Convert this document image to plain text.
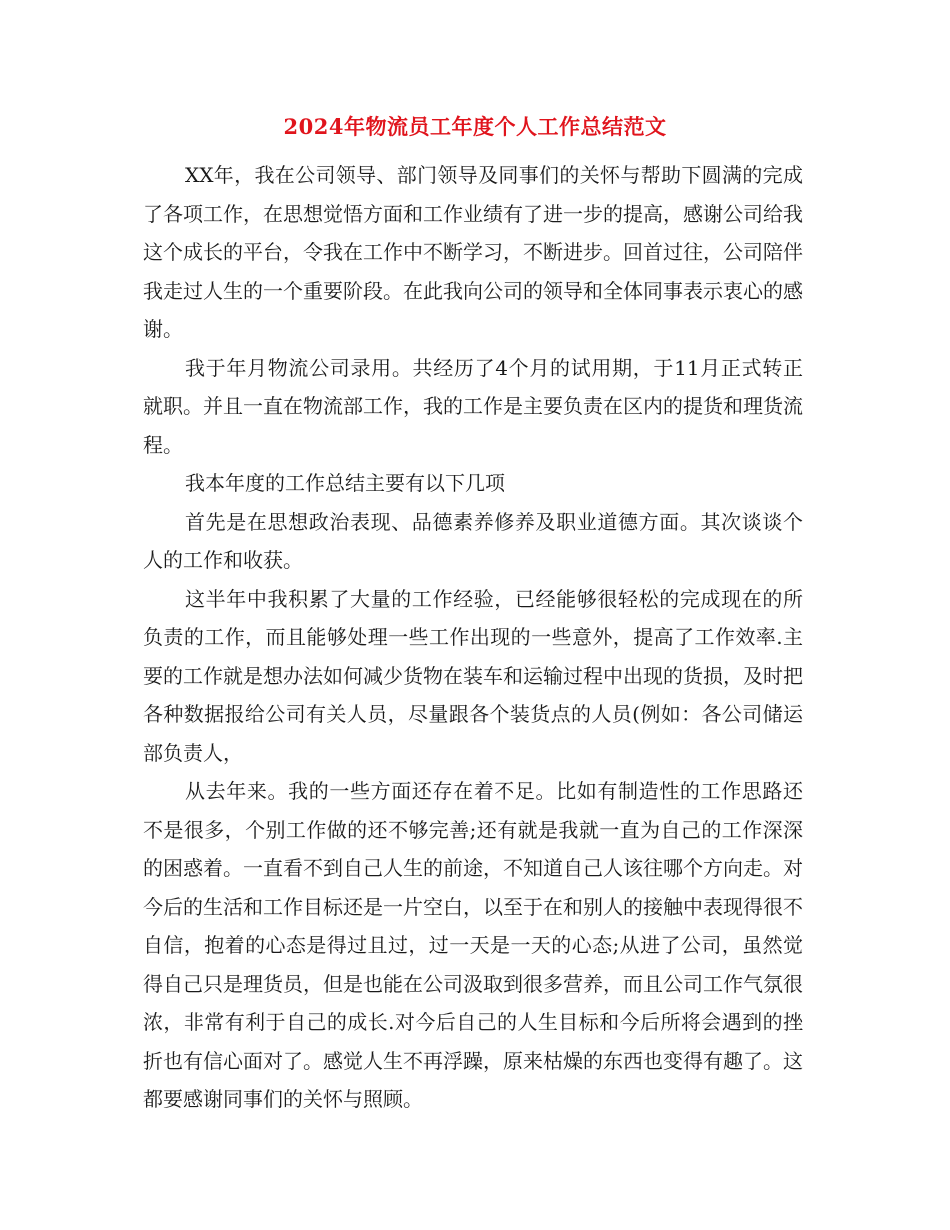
2024年物流员工年度个人工作总结范文

XX年，我在公司领导、部门领导及同事们的关怀与帮助下圆满的完成了各项工作，在思想觉悟方面和工作业绩有了进一步的提高，感谢公司给我这个成长的平台，令我在工作中不断学习，不断进步。回首过往，公司陪伴我走过人生的一个重要阶段。在此我向公司的领导和全体同事表示衷心的感谢。

我于年月物流公司录用。共经历了4个月的试用期，于11月正式转正就职。并且一直在物流部工作，我的工作是主要负责在区内的提货和理货流程。

我本年度的工作总结主要有以下几项

首先是在思想政治表现、品德素养修养及职业道德方面。其次谈谈个人的工作和收获。

这半年中我积累了大量的工作经验，已经能够很轻松的完成现在的所负责的工作，而且能够处理一些工作出现的一些意外，提高了工作效率.主要的工作就是想办法如何减少货物在装车和运输过程中出现的货损，及时把各种数据报给公司有关人员，尽量跟各个装货点的人员(例如：各公司储运部负责人，

从去年来。我的一些方面还存在着不足。比如有制造性的工作思路还不是很多，个别工作做的还不够完善;还有就是我就一直为自己的工作深深的困惑着。一直看不到自己人生的前途，不知道自己人该往哪个方向走。对今后的生活和工作目标还是一片空白，以至于在和别人的接触中表现得很不自信，抱着的心态是得过且过，过一天是一天的心态;从进了公司，虽然觉得自己只是理货员，但是也能在公司汲取到很多营养，而且公司工作气氛很浓，非常有利于自己的成长.对今后自己的人生目标和今后所将会遇到的挫折也有信心面对了。感觉人生不再浮躁，原来枯燥的东西也变得有趣了。这都要感谢同事们的关怀与照顾。
